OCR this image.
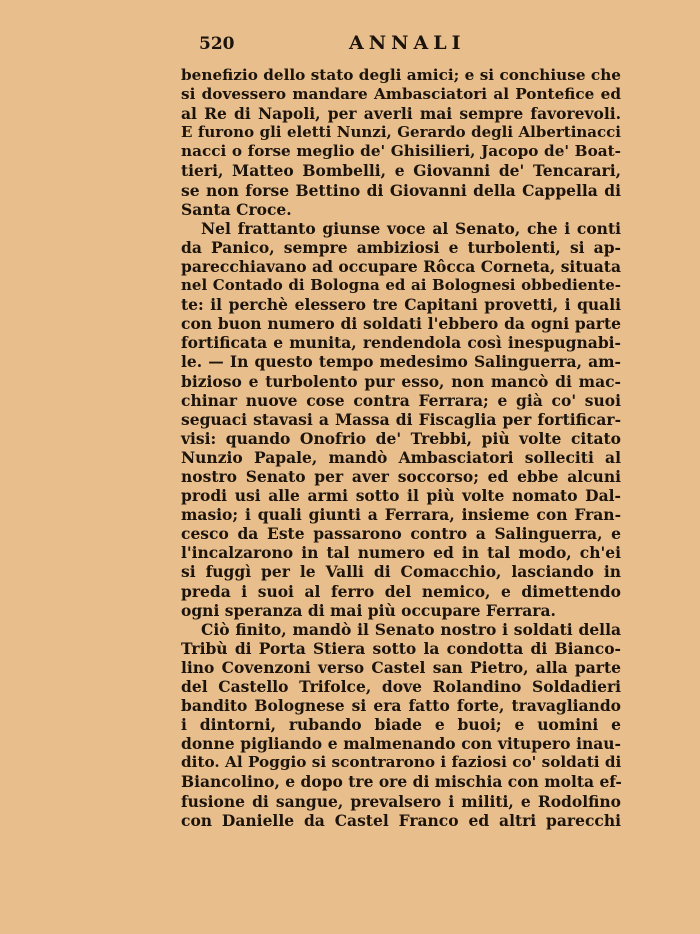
520	ANNALI
benefizio dello stato degli amici; e si conchiuse che
si dovessero mandare Ambasciatori al Pontefice ed
al Re di Napoli, per averli mai sempre favorevoli.
E furono gli eletti Nunzi, Gerardo degli Albertinacci
nacci o forse meglio de' Ghisilieri, Jacopo de' Boat-
tieri, Matteo Bombelli, e Giovanni de' Tencarari,
se non forse Bettino di Giovanni della Cappella di
Santa Croce.
Nel frattanto giunse voce al Senato, che i conti
da Panico, sempre ambiziosi e turbolenti, si ap-
parecchiavano ad occupare Rôcca Corneta, situata
nel Contado di Bologna ed ai Bolognesi obbediente-
te: il perchè elessero tre Capitani provetti, i quali
con buon numero di soldati l'ebbero da ogni parte
fortificata e munita, rendendola così inespugnabi-
le. — In questo tempo medesimo Salinguerra, am-
bizioso e turbolento pur esso, non mancò di mac-
chinar nuove cose contra Ferrara; e già co' suoi
seguaci stavasi a Massa di Fiscaglia per fortificar-
visi: quando Onofrio de' Trebbi, più volte citato
Nunzio Papale, mandò Ambasciatori solleciti al
nostro Senato per aver soccorso; ed ebbe alcuni
prodi usi alle armi sotto il più volte nomato Dal-
masio; i quali giunti a Ferrara, insieme con Fran-
cesco da Este passarono contro a Salinguerra, e
l'incalzarono in tal numero ed in tal modo, ch'ei
si fuggì per le Valli di Comacchio, lasciando in
preda i suoi al ferro del nemico, e dimettendo
ogni speranza di mai più occupare Ferrara.
Ciò finito, mandò il Senato nostro i soldati della
Tribù di Porta Stiera sotto la condotta di Bianco-
lino Covenzoni verso Castel san Pietro, alla parte
del Castello Trifolce, dove Rolandino Soldadieri
bandito Bolognese si era fatto forte, travagliando
i dintorni, rubando biade e buoi; e uomini e
donne pigliando e malmenando con vitupero inau-
dito. Al Poggio si scontrarono i faziosi co' soldati di
Biancolino, e dopo tre ore di mischia con molta ef-
fusione di sangue, prevalsero i militi, e Rodolfino
con Danielle da Castel Franco ed altri parecchi
